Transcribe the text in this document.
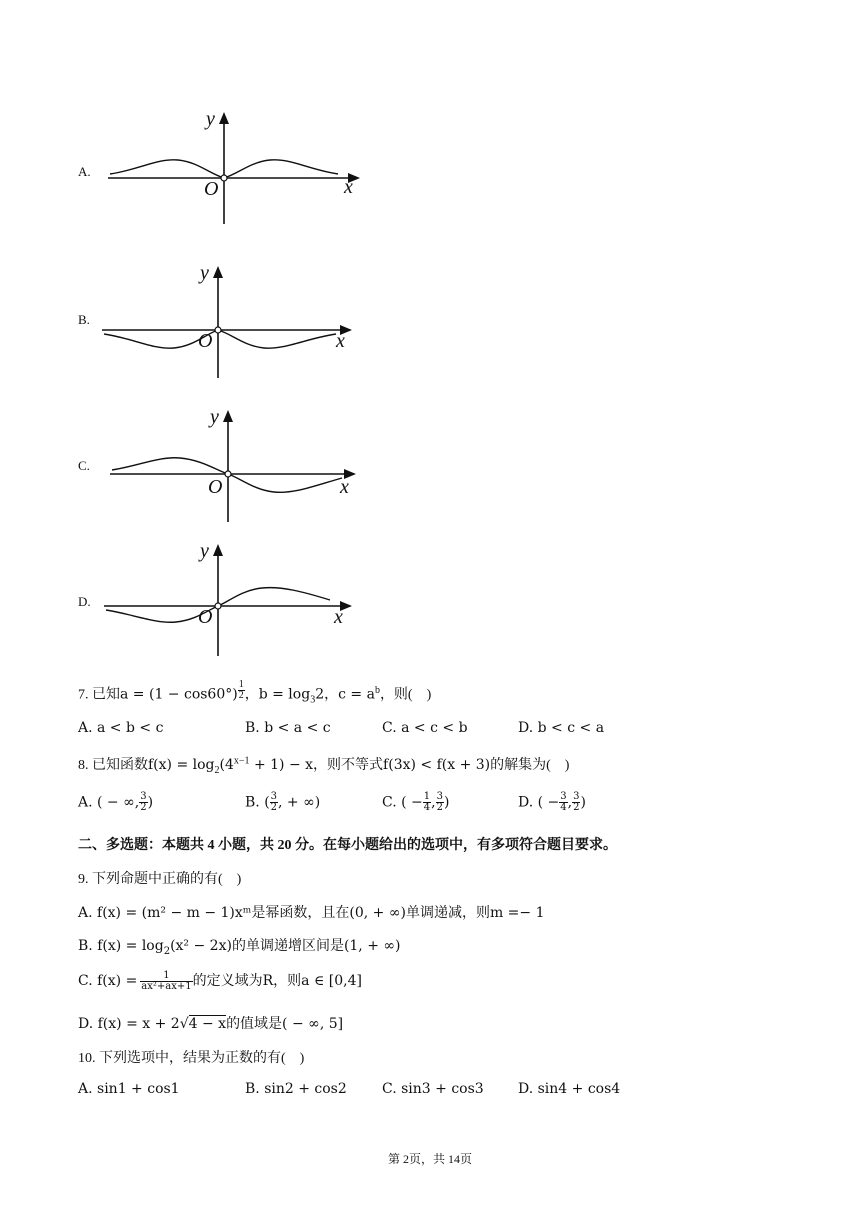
A.
y
x
O
B.
y
x
O
C.
y
x
O
D.
y
x
O
7. 已知a = (1 − cos60°) $^{\frac{1}{2}}$ ，$b = \log_32$，$c = a^b$，则(　)
A. a < b < c	B. b < a < c	C. a < c < b	D. b < c < a
8. 已知函数$f(x) = \log_2(4^{x-1} + 1) - x$，则不等式f(3x) < f(x + 3)的解集为(　)
A. ( − ∞, $\frac{3}{2}$ )	B. ( $\frac{3}{2}$ , + ∞)	C. ( − $\frac{1}{4}$ , $\frac{3}{2}$ )	D. ( − $\frac{3}{4}$ , $\frac{3}{2}$ )
二、多选题：本题共 4 小题，共 20 分。在每小题给出的选项中，有多项符合题目要求。
9. 下列命题中正确的有(　)
A. f(x) = (m² − m − 1)xᵐ是幂函数，且在(0, + ∞)单调递减，则m =− 1
B. $f(x) = \log_2(x^2 - 2x)$的单调递增区间是(1, + ∞)
C. $f(x) = \frac{1}{\text{ax²+ax+1}}$ 的定义域为R，则a ∈ [0,4]
D. f(x) = x + 2√4 − x的值域是( − ∞, 5]
10. 下列选项中，结果为正数的有(　)
A. sin1 + cos1	B. sin2 + cos2	C. sin3 + cos3 D. sin4 + cos4
第 2页，共 14页
